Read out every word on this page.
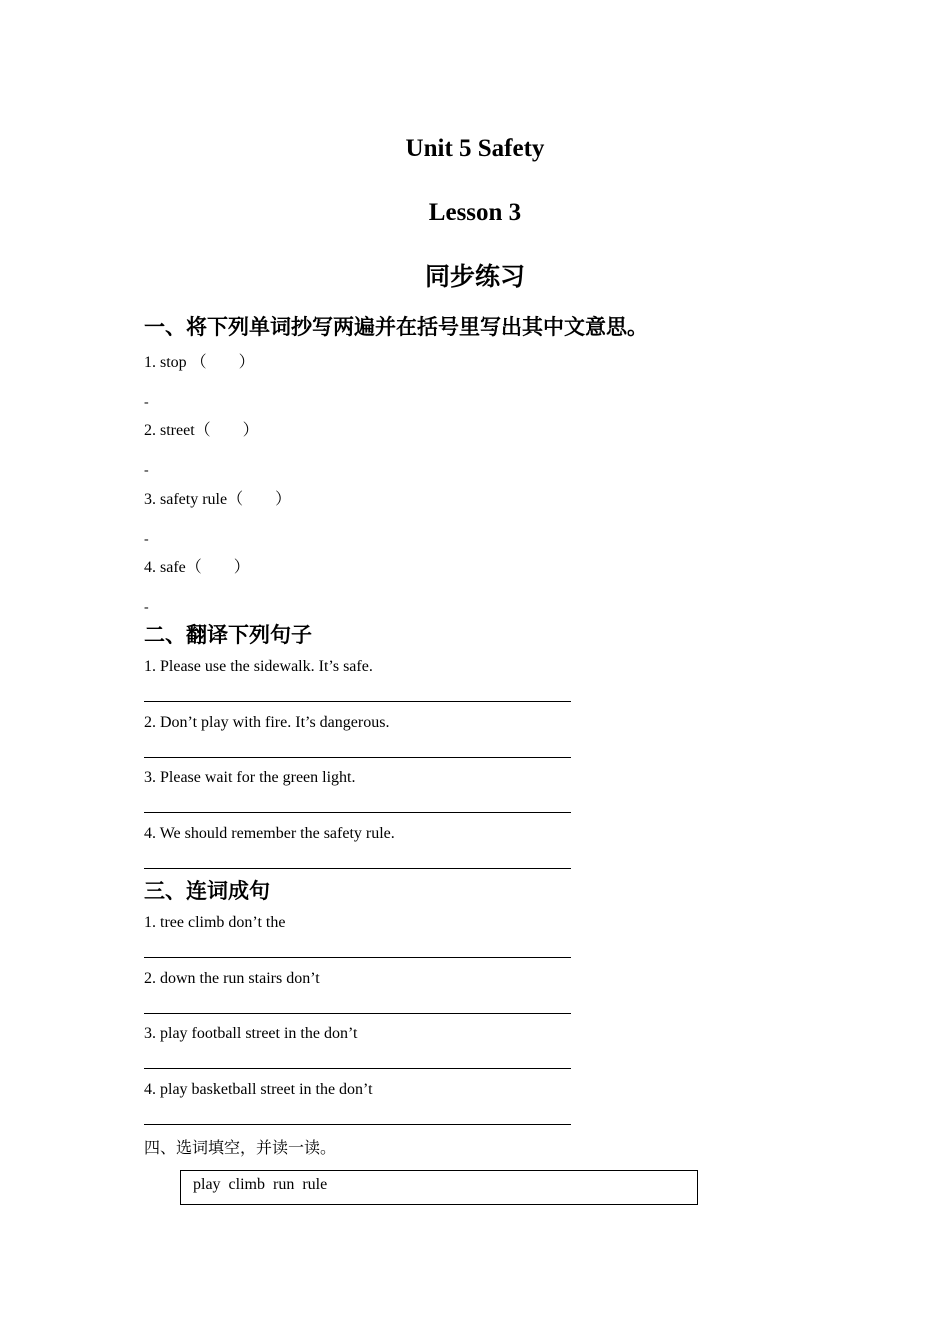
Unit 5 Safety
Lesson 3
同步练习
一、将下列单词抄写两遍并在括号里写出其中文意思。
1. stop （　　）
-
2. street（　　）
-
3. safety rule（　　）
-
4. safe（　　）
-
二、翻译下列句子
1. Please use the sidewalk. It’s safe.
2. Don’t play with fire. It’s dangerous.
3. Please wait for the green light.
4. We should remember the safety rule.
三、连词成句
1. tree climb don’t the
2. down the run stairs don’t
3. play football street in the don’t
4. play basketball street in the don’t
四、选词填空，并读一读。
play  climb  run  rule
